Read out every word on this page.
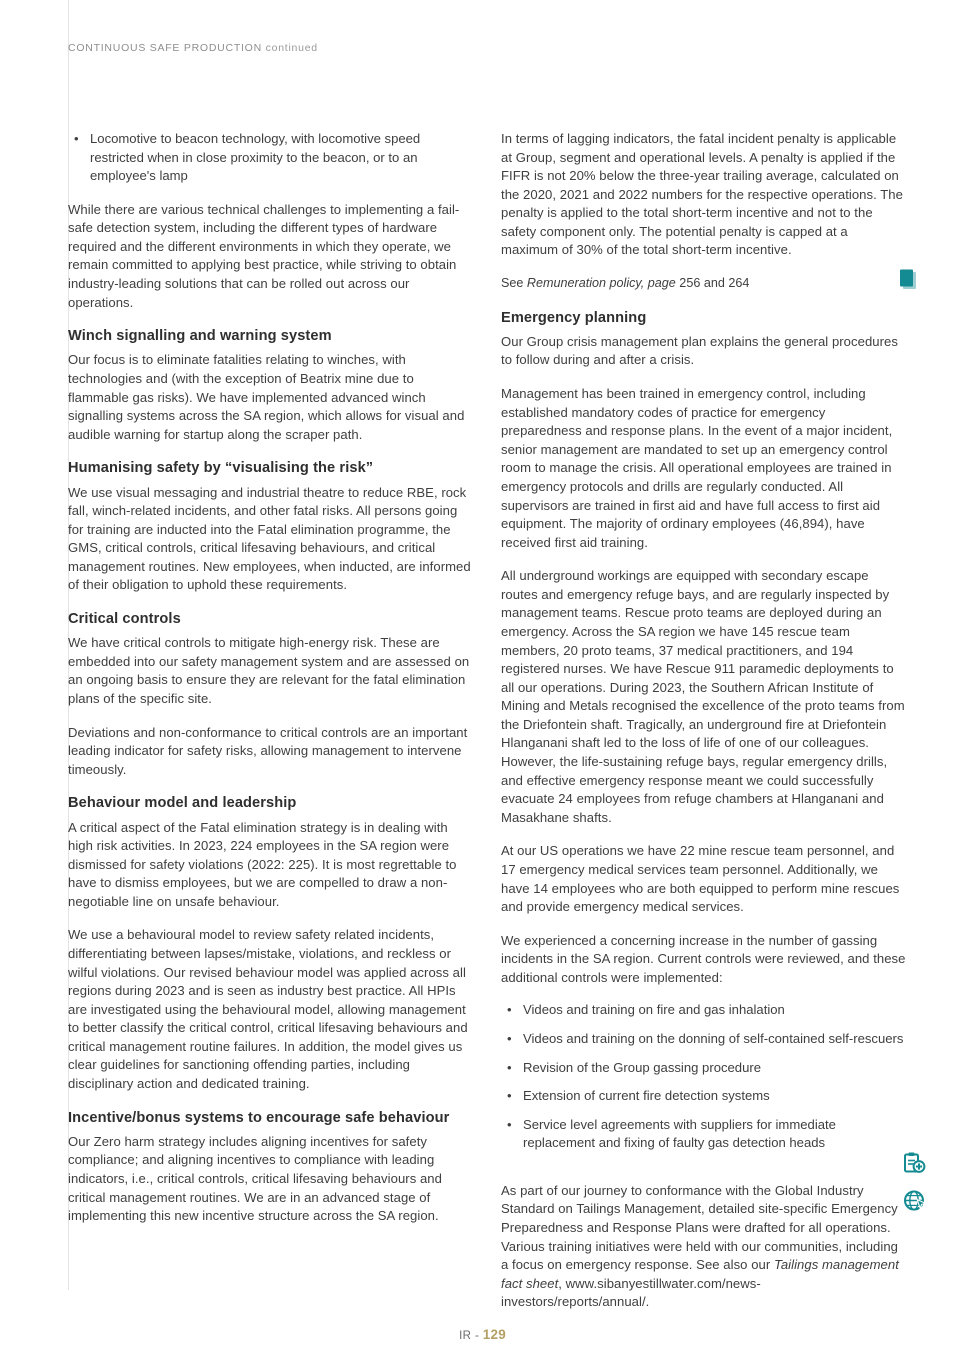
CONTINUOUS SAFE PRODUCTION continued
• Locomotive to beacon technology, with locomotive speed restricted when in close proximity to the beacon, or to an employee's lamp

While there are various technical challenges to implementing a fail-safe detection system, including the different types of hardware required and the different environments in which they operate, we remain committed to applying best practice, while striving to obtain industry-leading solutions that can be rolled out across our operations.

Winch signalling and warning system

Our focus is to eliminate fatalities relating to winches, with technologies and (with the exception of Beatrix mine due to flammable gas risks). We have implemented advanced winch signalling systems across the SA region, which allows for visual and audible warning for startup along the scraper path.

Humanising safety by “visualising the risk”

We use visual messaging and industrial theatre to reduce RBE, rock fall, winch-related incidents, and other fatal risks. All persons going for training are inducted into the Fatal elimination programme, the GMS, critical controls, critical lifesaving behaviours, and critical management routines. New employees, when inducted, are informed of their obligation to uphold these requirements.

Critical controls

We have critical controls to mitigate high-energy risk. These are embedded into our safety management system and are assessed on an ongoing basis to ensure they are relevant for the fatal elimination plans of the specific site.

Deviations and non-conformance to critical controls are an important leading indicator for safety risks, allowing management to intervene timeously.

Behaviour model and leadership

A critical aspect of the Fatal elimination strategy is in dealing with high risk activities. In 2023, 224 employees in the SA region were dismissed for safety violations (2022: 225). It is most regrettable to have to dismiss employees, but we are compelled to draw a non-negotiable line on unsafe behaviour.

We use a behavioural model to review safety related incidents, differentiating between lapses/mistake, violations, and reckless or wilful violations. Our revised behaviour model was applied across all regions during 2023 and is seen as industry best practice. All HPIs are investigated using the behavioural model, allowing management to better classify the critical control, critical lifesaving behaviours and critical management routine failures. In addition, the model gives us clear guidelines for sanctioning offending parties, including disciplinary action and dedicated training.

Incentive/bonus systems to encourage safe behaviour

Our Zero harm strategy includes aligning incentives for safety compliance; and aligning incentives to compliance with leading indicators, i.e., critical controls, critical lifesaving behaviours and critical management routines. We are in an advanced stage of implementing this new incentive structure across the SA region.

In terms of lagging indicators, the fatal incident penalty is applicable at Group, segment and operational levels. A penalty is applied if the FIFR is not 20% below the three-year trailing average, calculated on the 2020, 2021 and 2022 numbers for the respective operations. The penalty is applied to the total short-term incentive and not to the safety component only. The potential penalty is capped at a maximum of 30% of the total short-term incentive.

See Remuneration policy, page 256 and 264

Emergency planning

Our Group crisis management plan explains the general procedures to follow during and after a crisis.

Management has been trained in emergency control, including established mandatory codes of practice for emergency preparedness and response plans. In the event of a major incident, senior management are mandated to set up an emergency control room to manage the crisis. All operational employees are trained in emergency protocols and drills are regularly conducted. All supervisors are trained in first aid and have full access to first aid equipment. The majority of ordinary employees (46,894), have received first aid training.

All underground workings are equipped with secondary escape routes and emergency refuge bays, and are regularly inspected by management teams. Rescue proto teams are deployed during an emergency. Across the SA region we have 145 rescue team members, 20 proto teams, 37 medical practitioners, and 194 registered nurses. We have Rescue 911 paramedic deployments to all our operations. During 2023, the Southern African Institute of Mining and Metals recognised the excellence of the proto teams from the Driefontein shaft. Tragically, an underground fire at Driefontein Hlanganani shaft led to the loss of life of one of our colleagues. However, the life-sustaining refuge bays, regular emergency drills, and effective emergency response meant we could successfully evacuate 24 employees from refuge chambers at Hlanganani and Masakhane shafts.

At our US operations we have 22 mine rescue team personnel, and 17 emergency medical services team personnel. Additionally, we have 14 employees who are both equipped to perform mine rescues and provide emergency medical services.

We experienced a concerning increase in the number of gassing incidents in the SA region. Current controls were reviewed, and these additional controls were implemented:

• Videos and training on fire and gas inhalation
• Videos and training on the donning of self-contained self-rescuers
• Revision of the Group gassing procedure
• Extension of current fire detection systems
• Service level agreements with suppliers for immediate replacement and fixing of faulty gas detection heads

As part of our journey to conformance with the Global Industry Standard on Tailings Management, detailed site-specific Emergency Preparedness and Response Plans were drafted for all operations. Various training initiatives were held with our communities, including a focus on emergency response. See also our Tailings management fact sheet, www.sibanyestillwater.com/news-investors/reports/annual/.

IR - 129
